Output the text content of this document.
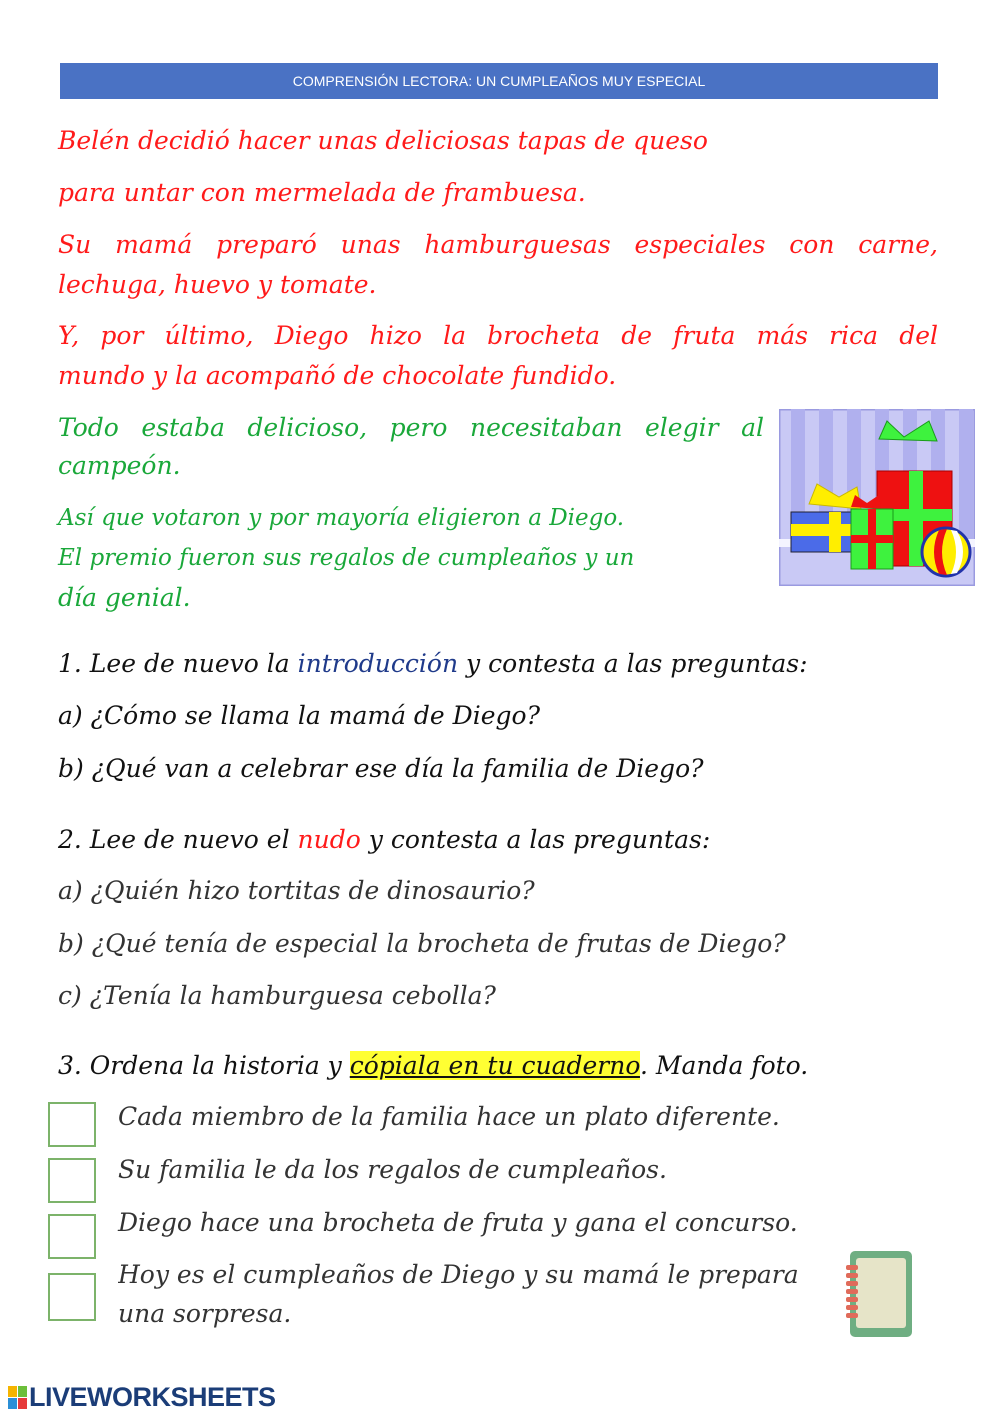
COMPRENSIÓN LECTORA: UN CUMPLEAÑOS MUY ESPECIAL
Belén decidió hacer unas deliciosas tapas de queso
para untar con mermelada de frambuesa.
Su mamá preparó unas hamburguesas especiales con carne,
lechuga, huevo y tomate.
Y, por último, Diego hizo la brocheta de fruta más rica del
mundo y la acompañó de chocolate fundido.
Todo estaba delicioso, pero necesitaban elegir al
campeón.
Así que votaron y por mayoría eligieron a Diego.
El premio fueron sus regalos de cumpleaños y un
día genial.
1. Lee de nuevo la introducción y contesta a las preguntas:
a) ¿Cómo se llama la mamá de Diego?
b) ¿Qué van a celebrar ese día la familia de Diego?
2. Lee de nuevo el nudo y contesta a las preguntas:
a) ¿Quién hizo tortitas de dinosaurio?
b) ¿Qué tenía de especial la brocheta de frutas de Diego?
c) ¿Tenía la hamburguesa cebolla?
3. Ordena la historia y cópiala en tu cuaderno. Manda foto.
Cada miembro de la familia hace un plato diferente.
Su familia le da los regalos de cumpleaños.
Diego hace una brocheta de fruta y gana el concurso.
Hoy es el cumpleaños de Diego y su mamá le prepara
una sorpresa.
LIVEWORKSHEETS
